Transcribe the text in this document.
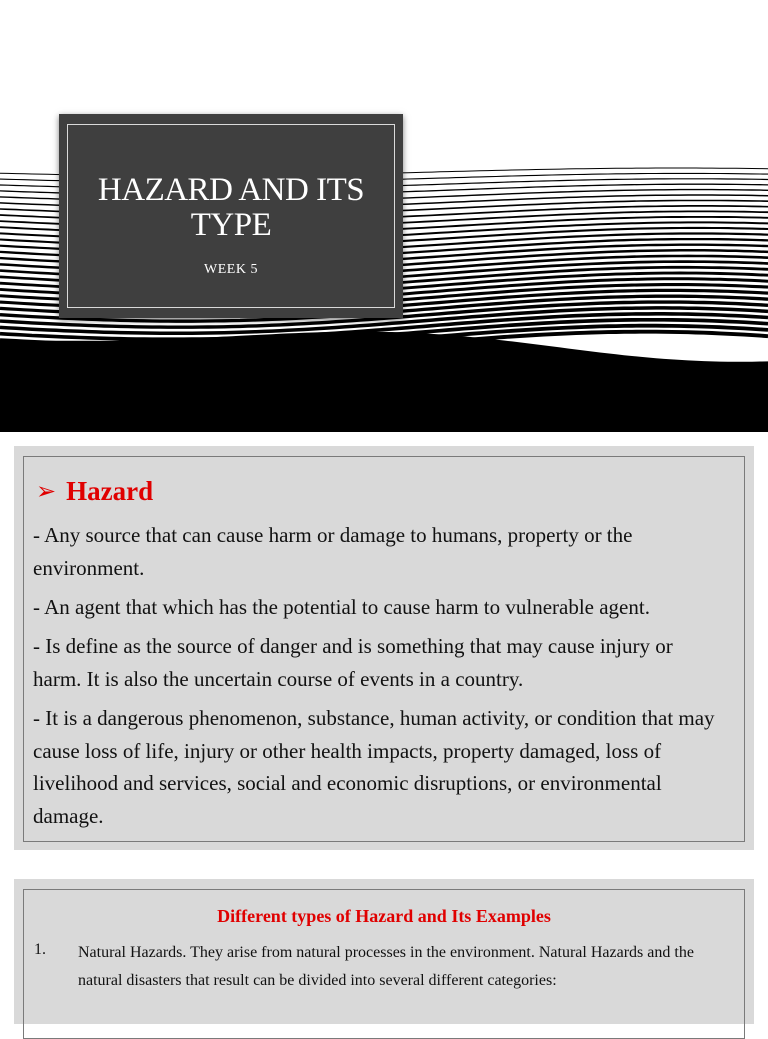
HAZARD AND ITS TYPE
WEEK 5
➢ Hazard
- Any source that can cause harm or damage to humans, property or the environment.
- An agent that which has the potential to cause harm to vulnerable agent.
- Is define as the source of danger and is something that may cause injury or harm. It is also the uncertain course of events in a country.
- It is a dangerous phenomenon, substance, human activity, or condition that may cause loss of life, injury or other health impacts, property damaged, loss of livelihood and services, social and economic disruptions, or environmental damage.
Different types of Hazard and Its Examples
1. Natural Hazards. They arise from natural processes in the environment. Natural Hazards and the natural disasters that result can be divided into several different categories:
